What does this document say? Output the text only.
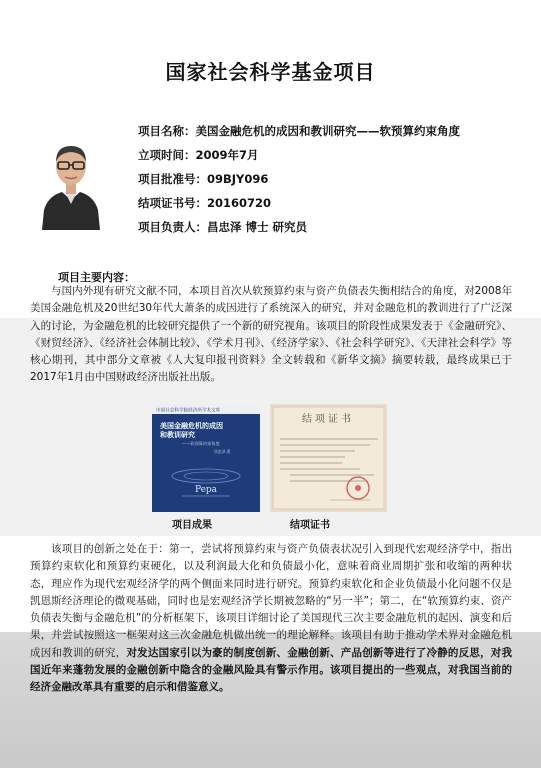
国家社会科学基金项目
项目名称：美国金融危机的成因和教训研究——软预算约束角度
立项时间：2009年7月
项目批准号：09BJY096
结项证书号：20160720
项目负责人：昌忠泽 博士 研究员
项目主要内容：

与国内外现有研究文献不同，本项目首次从软预算约束与资产负债表失衡相结合的角度，对2008年美国金融危机及20世纪30年代大萧条的成因进行了系统深入的研究，并对金融危机的教训进行了广泛深入的讨论，为金融危机的比较研究提供了一个新的研究视角。该项目的阶段性成果发表于《金融研究》、《财贸经济》、《经济社会体制比较》、《学术月刊》、《经济学家》、《社会科学研究》、《天津社会科学》等核心期刊，其中部分文章被《人大复印报刊资料》全文转载和《新华文摘》摘要转载，最终成果已于2017年1月由中国财政经济出版社出版。

中国社会科学院经济所学术文库
美国金融危机的成因
和教训研究
——软预算约束角度
昌忠泽 著
Pepa
结项证书
项目成果	结项证书

该项目的创新之处在于：第一，尝试将预算约束与资产负债表状况引入到现代宏观经济学中，指出预算约束软化和预算约束硬化，以及利润最大化和负债最小化，意味着商业周期扩张和收缩的两种状态，理应作为现代宏观经济学的两个侧面来同时进行研究。预算约束软化和企业负债最小化问题不仅是凯恩斯经济理论的微观基础，同时也是宏观经济学长期被忽略的“另一半”；第二，在“软预算约束、资产负债表失衡与金融危机”的分析框架下，该项目详细讨论了美国现代三次主要金融危机的起因、演变和后果，并尝试按照这一框架对这三次金融危机做出统一的理论解释。该项目有助于推动学术界对金融危机成因和教训的研究，对发达国家引以为豪的制度创新、金融创新、产品创新等进行了冷静的反思，对我国近年来蓬勃发展的金融创新中隐含的金融风险具有警示作用。该项目提出的一些观点，对我国当前的经济金融改革具有重要的启示和借鉴意义。
